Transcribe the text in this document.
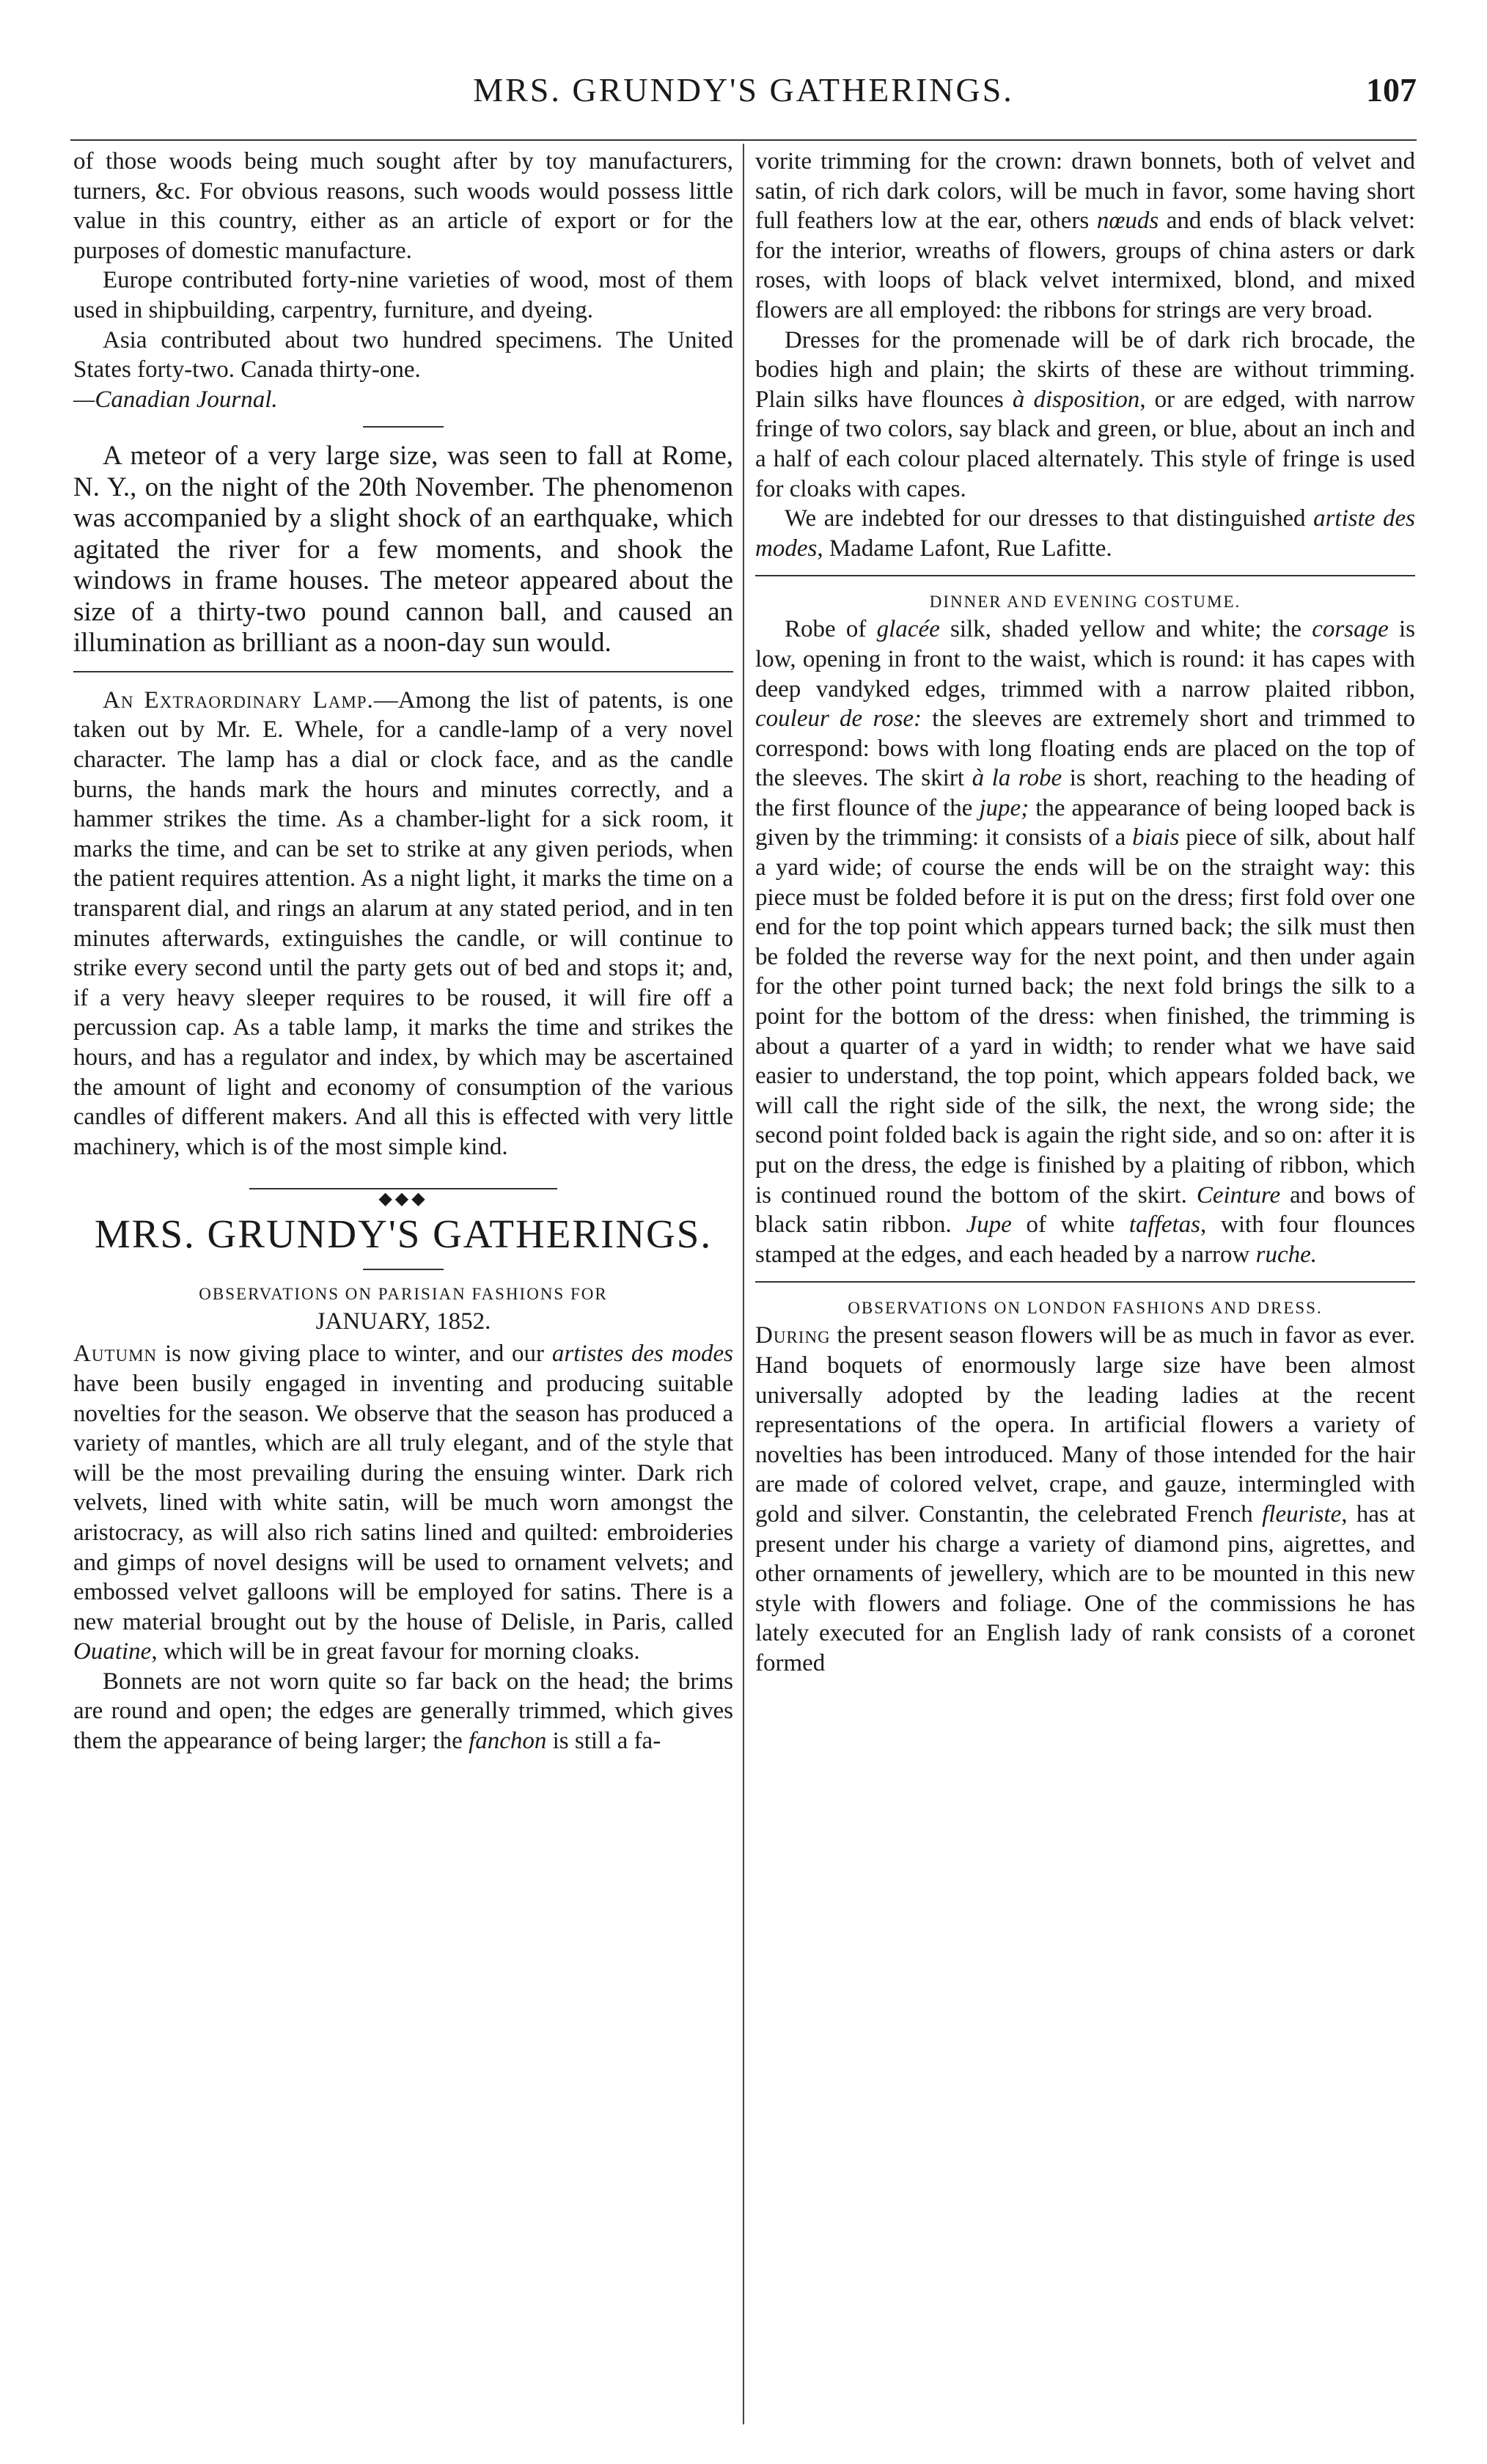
MRS. GRUNDY'S GATHERINGS.	107

of those woods being much sought after by toy manufacturers, turners, &c. For obvious reasons, such woods would possess little value in this country, either as an article of export or for the purposes of domestic manufacture.

Europe contributed forty-nine varieties of wood, most of them used in shipbuilding, carpentry, furniture, and dyeing.

Asia contributed about two hundred specimens. The United States forty-two. Canada thirty-one.

—Canadian Journal.

A meteor of a very large size, was seen to fall at Rome, N. Y., on the night of the 20th November. The phenomenon was accompanied by a slight shock of an earthquake, which agitated the river for a few moments, and shook the windows in frame houses. The meteor appeared about the size of a thirty-two pound cannon ball, and caused an illumination as brilliant as a noon-day sun would.

An Extraordinary Lamp.—Among the list of patents, is one taken out by Mr. E. Whele, for a candle-lamp of a very novel character. The lamp has a dial or clock face, and as the candle burns, the hands mark the hours and minutes correctly, and a hammer strikes the time. As a chamber-light for a sick room, it marks the time, and can be set to strike at any given periods, when the patient requires attention. As a night light, it marks the time on a transparent dial, and rings an alarum at any stated period, and in ten minutes afterwards, extinguishes the candle, or will continue to strike every second until the party gets out of bed and stops it; and, if a very heavy sleeper requires to be roused, it will fire off a percussion cap. As a table lamp, it marks the time and strikes the hours, and has a regulator and index, by which may be ascertained the amount of light and economy of consumption of the various candles of different makers. And all this is effected with very little machinery, which is of the most simple kind.

◆◆◆
MRS. GRUNDY'S GATHERINGS.
OBSERVATIONS ON PARISIAN FASHIONS FOR
JANUARY, 1852.

Autumn is now giving place to winter, and our artistes des modes have been busily engaged in inventing and producing suitable novelties for the season. We observe that the season has produced a variety of mantles, which are all truly elegant, and of the style that will be the most prevailing during the ensuing winter. Dark rich velvets, lined with white satin, will be much worn amongst the aristocracy, as will also rich satins lined and quilted: embroideries and gimps of novel designs will be used to ornament velvets; and embossed velvet galloons will be employed for satins. There is a new material brought out by the house of Delisle, in Paris, called Ouatine, which will be in great favour for morning cloaks.

Bonnets are not worn quite so far back on the head; the brims are round and open; the edges are generally trimmed, which gives them the appearance of being larger; the fanchon is still a fa-

vorite trimming for the crown: drawn bonnets, both of velvet and satin, of rich dark colors, will be much in favor, some having short full feathers low at the ear, others nœuds and ends of black velvet: for the interior, wreaths of flowers, groups of china asters or dark roses, with loops of black velvet intermixed, blond, and mixed flowers are all employed: the ribbons for strings are very broad.

Dresses for the promenade will be of dark rich brocade, the bodies high and plain; the skirts of these are without trimming. Plain silks have flounces à disposition, or are edged, with narrow fringe of two colors, say black and green, or blue, about an inch and a half of each colour placed alternately. This style of fringe is used for cloaks with capes.

We are indebted for our dresses to that distinguished artiste des modes, Madame Lafont, Rue Lafitte.

DINNER AND EVENING COSTUME.

Robe of glacée silk, shaded yellow and white; the corsage is low, opening in front to the waist, which is round: it has capes with deep vandyked edges, trimmed with a narrow plaited ribbon, couleur de rose: the sleeves are extremely short and trimmed to correspond: bows with long floating ends are placed on the top of the sleeves. The skirt à la robe is short, reaching to the heading of the first flounce of the jupe; the appearance of being looped back is given by the trimming: it consists of a biais piece of silk, about half a yard wide; of course the ends will be on the straight way: this piece must be folded before it is put on the dress; first fold over one end for the top point which appears turned back; the silk must then be folded the reverse way for the next point, and then under again for the other point turned back; the next fold brings the silk to a point for the bottom of the dress: when finished, the trimming is about a quarter of a yard in width; to render what we have said easier to understand, the top point, which appears folded back, we will call the right side of the silk, the next, the wrong side; the second point folded back is again the right side, and so on: after it is put on the dress, the edge is finished by a plaiting of ribbon, which is continued round the bottom of the skirt. Ceinture and bows of black satin ribbon. Jupe of white taffetas, with four flounces stamped at the edges, and each headed by a narrow ruche.

OBSERVATIONS ON LONDON FASHIONS AND DRESS.

During the present season flowers will be as much in favor as ever. Hand boquets of enormously large size have been almost universally adopted by the leading ladies at the recent representations of the opera. In artificial flowers a variety of novelties has been introduced. Many of those intended for the hair are made of colored velvet, crape, and gauze, intermingled with gold and silver. Constantin, the celebrated French fleuriste, has at present under his charge a variety of diamond pins, aigrettes, and other ornaments of jewellery, which are to be mounted in this new style with flowers and foliage. One of the commissions he has lately executed for an English lady of rank consists of a coronet formed
